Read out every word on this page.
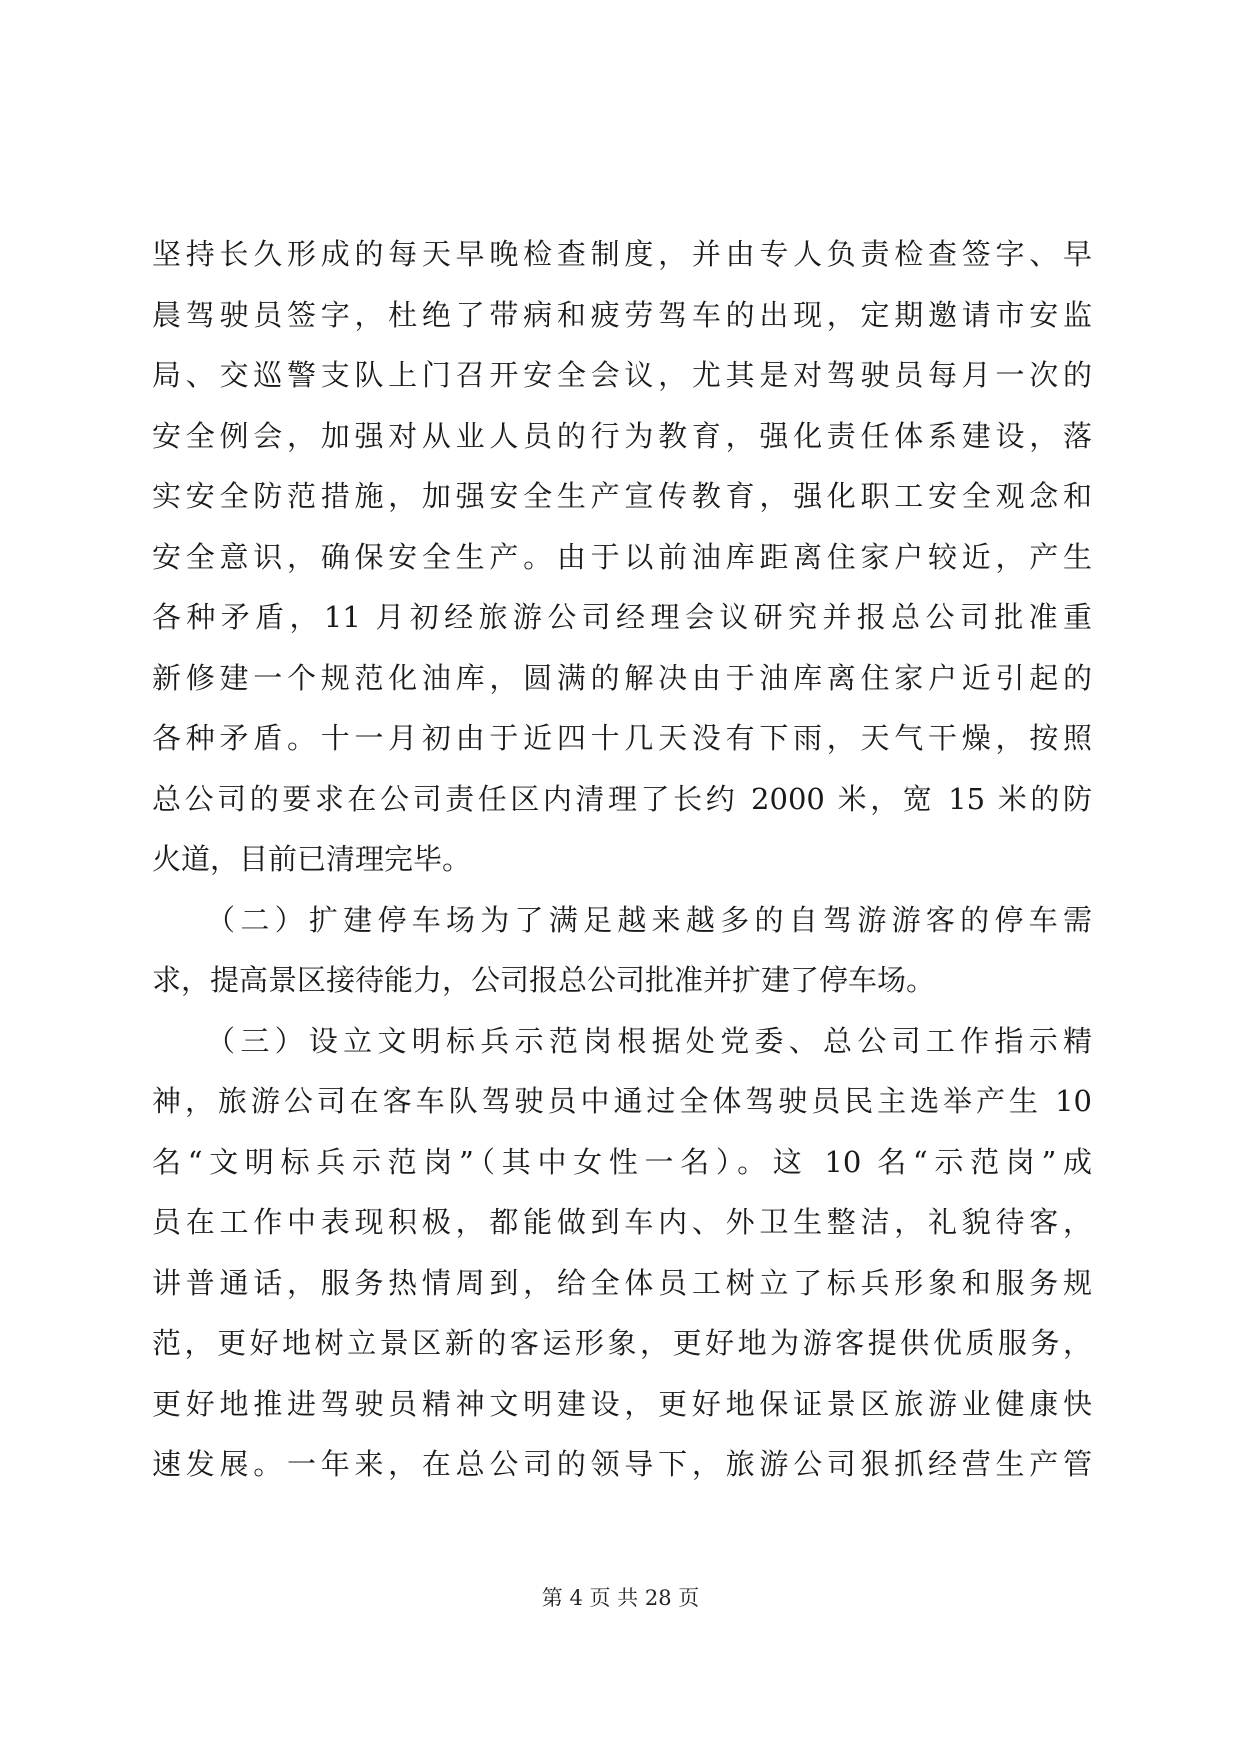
坚持长久形成的每天早晚检查制度，并由专人负责检查签字、早
晨驾驶员签字，杜绝了带病和疲劳驾车的出现，定期邀请市安监
局、交巡警支队上门召开安全会议，尤其是对驾驶员每月一次的
安全例会，加强对从业人员的行为教育，强化责任体系建设，落
实安全防范措施，加强安全生产宣传教育，强化职工安全观念和
安全意识，确保安全生产。由于以前油库距离住家户较近，产生
各种矛盾，11 月初经旅游公司经理会议研究并报总公司批准重
新修建一个规范化油库，圆满的解决由于油库离住家户近引起的
各种矛盾。十一月初由于近四十几天没有下雨，天气干燥，按照
总公司的要求在公司责任区内清理了长约 2000 米，宽 15 米的防
火道，目前已清理完毕。
　　（二）扩建停车场为了满足越来越多的自驾游游客的停车需
求，提高景区接待能力，公司报总公司批准并扩建了停车场。
　　（三）设立文明标兵示范岗根据处党委、总公司工作指示精
神，旅游公司在客车队驾驶员中通过全体驾驶员民主选举产生 10
名“文明标兵示范岗”（其中女性一名）。这 10 名“示范岗”成
员在工作中表现积极，都能做到车内、外卫生整洁，礼貌待客，
讲普通话，服务热情周到，给全体员工树立了标兵形象和服务规
范，更好地树立景区新的客运形象，更好地为游客提供优质服务，
更好地推进驾驶员精神文明建设，更好地保证景区旅游业健康快
速发展。一年来，在总公司的领导下，旅游公司狠抓经营生产管
第 4 页 共 28 页
